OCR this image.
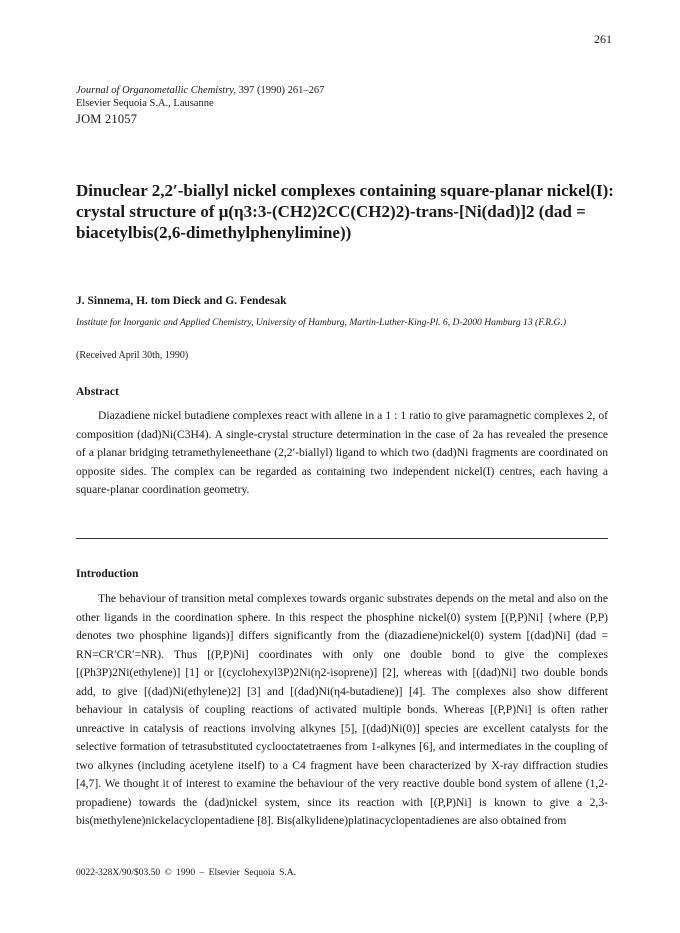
261
Journal of Organometallic Chemistry, 397 (1990) 261–267
Elsevier Sequoia S.A., Lausanne
JOM 21057
Dinuclear 2,2′-biallyl nickel complexes containing square-planar nickel(I): crystal structure of μ(η3:3-(CH2)2CC(CH2)2)-trans-[Ni(dad)]2 (dad = biacetylbis(2,6-dimethylphenylimine))
J. Sinnema, H. tom Dieck and G. Fendesak
Institute for Inorganic and Applied Chemistry, University of Hamburg, Martin-Luther-King-Pl. 6, D-2000 Hamburg 13 (F.R.G.)
(Received April 30th, 1990)
Abstract
Diazadiene nickel butadiene complexes react with allene in a 1 : 1 ratio to give paramagnetic complexes 2, of composition (dad)Ni(C3H4). A single-crystal structure determination in the case of 2a has revealed the presence of a planar bridging tetramethyleneethane (2,2′-biallyl) ligand to which two (dad)Ni fragments are coordinated on opposite sides. The complex can be regarded as containing two independent nickel(I) centres, each having a square-planar coordination geometry.
Introduction
The behaviour of transition metal complexes towards organic substrates depends on the metal and also on the other ligands in the coordination sphere. In this respect the phosphine nickel(0) system [(P,P)Ni] {where (P,P) denotes two phosphine ligands)] differs significantly from the (diazadiene)nickel(0) system [(dad)Ni] (dad = RN=CR′CR′=NR). Thus [(P,P)Ni] coordinates with only one double bond to give the complexes [(Ph3P)2Ni(ethylene)] [1] or [(cyclohexyl3P)2Ni(η2-isoprene)] [2], whereas with [(dad)Ni] two double bonds add, to give [(dad)Ni(ethylene)2] [3] and [(dad)Ni(η4-butadiene)] [4]. The complexes also show different behaviour in catalysis of coupling reactions of activated multiple bonds. Whereas [(P,P)Ni] is often rather unreactive in catalysis of reactions involving alkynes [5], [(dad)Ni(0)] species are excellent catalysts for the selective formation of tetrasubstituted cyclooctatetraenes from 1-alkynes [6], and intermediates in the coupling of two alkynes (including acetylene itself) to a C4 fragment have been characterized by X-ray diffraction studies [4,7]. We thought it of interest to examine the behaviour of the very reactive double bond system of allene (1,2-propadiene) towards the (dad)nickel system, since its reaction with [(P,P)Ni] is known to give a 2,3-bis(methylene)nickelacyclopentadiene [8]. Bis(alkylidene)platinacyclopentadienes are also obtained from
0022-328X/90/$03.50 © 1990 – Elsevier Sequoia S.A.
